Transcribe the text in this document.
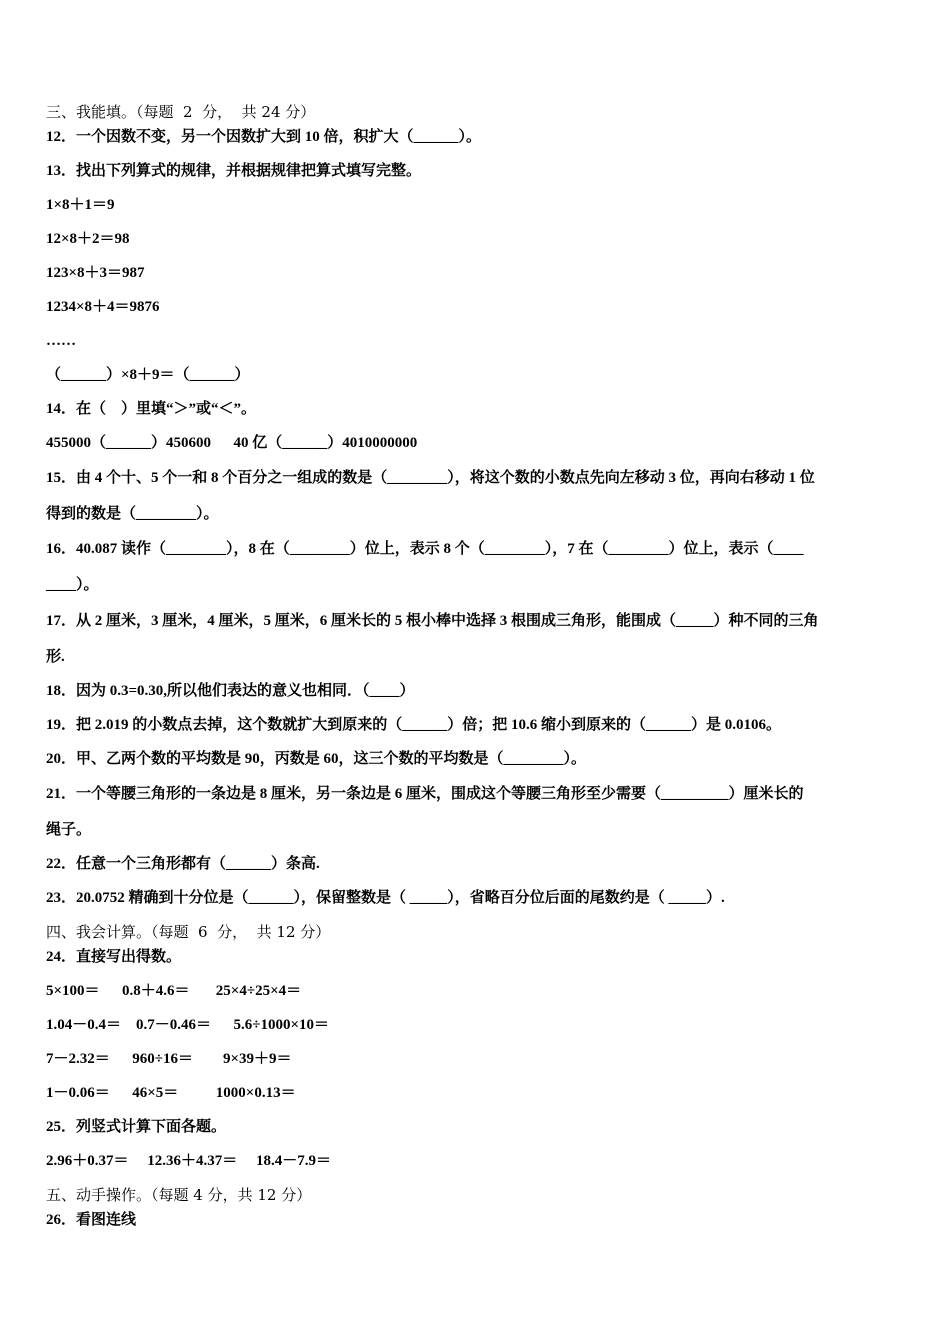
三、我能填。（每题  2  分，  共 24 分）
12．一个因数不变，另一个因数扩大到 10 倍，积扩大（______）。
13．找出下列算式的规律，并根据规律把算式填写完整。
1×8＋1＝9
12×8＋2＝98
123×8＋3＝987
1234×8＋4＝9876
……
（______）×8＋9＝（______）
14．在（    ）里填“＞”或“＜”。
455000（______）450600      40 亿（______）4010000000
15．由 4 个十、5 个一和 8 个百分之一组成的数是（________），将这个数的小数点先向左移动 3 位，再向右移动 1 位
得到的数是（________）。
16．40.087 读作（________），8 在（________）位上，表示 8 个（________），7 在（________）位上，表示（____
____）。
17．从 2 厘米，3 厘米，4 厘米，5 厘米，6 厘米长的 5 根小棒中选择 3 根围成三角形，能围成（_____）种不同的三角
形.
18．因为 0.3=0.30,所以他们表达的意义也相同．（____）
19．把 2.019 的小数点去掉，这个数就扩大到原来的（______）倍；把 10.6 缩小到原来的（______）是 0.0106。
20．甲、乙两个数的平均数是 90，丙数是 60，这三个数的平均数是（________）。
21．一个等腰三角形的一条边是 8 厘米，另一条边是 6 厘米，围成这个等腰三角形至少需要（_________）厘米长的
绳子。
22．任意一个三角形都有（______）条高.
23．20.0752 精确到十分位是（______），保留整数是（ _____），省略百分位后面的尾数约是（ _____）.
四、我会计算。（每题  6  分，  共 12 分）
24．直接写出得数。
5×100＝      0.8＋4.6＝       25×4÷25×4＝
1.04－0.4＝    0.7－0.46＝      5.6÷1000×10＝
7－2.32＝      960÷16＝        9×39＋9＝
1－0.06＝      46×5＝          1000×0.13＝
25．列竖式计算下面各题。
2.96＋0.37＝     12.36＋4.37＝     18.4－7.9＝
五、动手操作。（每题 4 分，共 12 分）
26．看图连线
